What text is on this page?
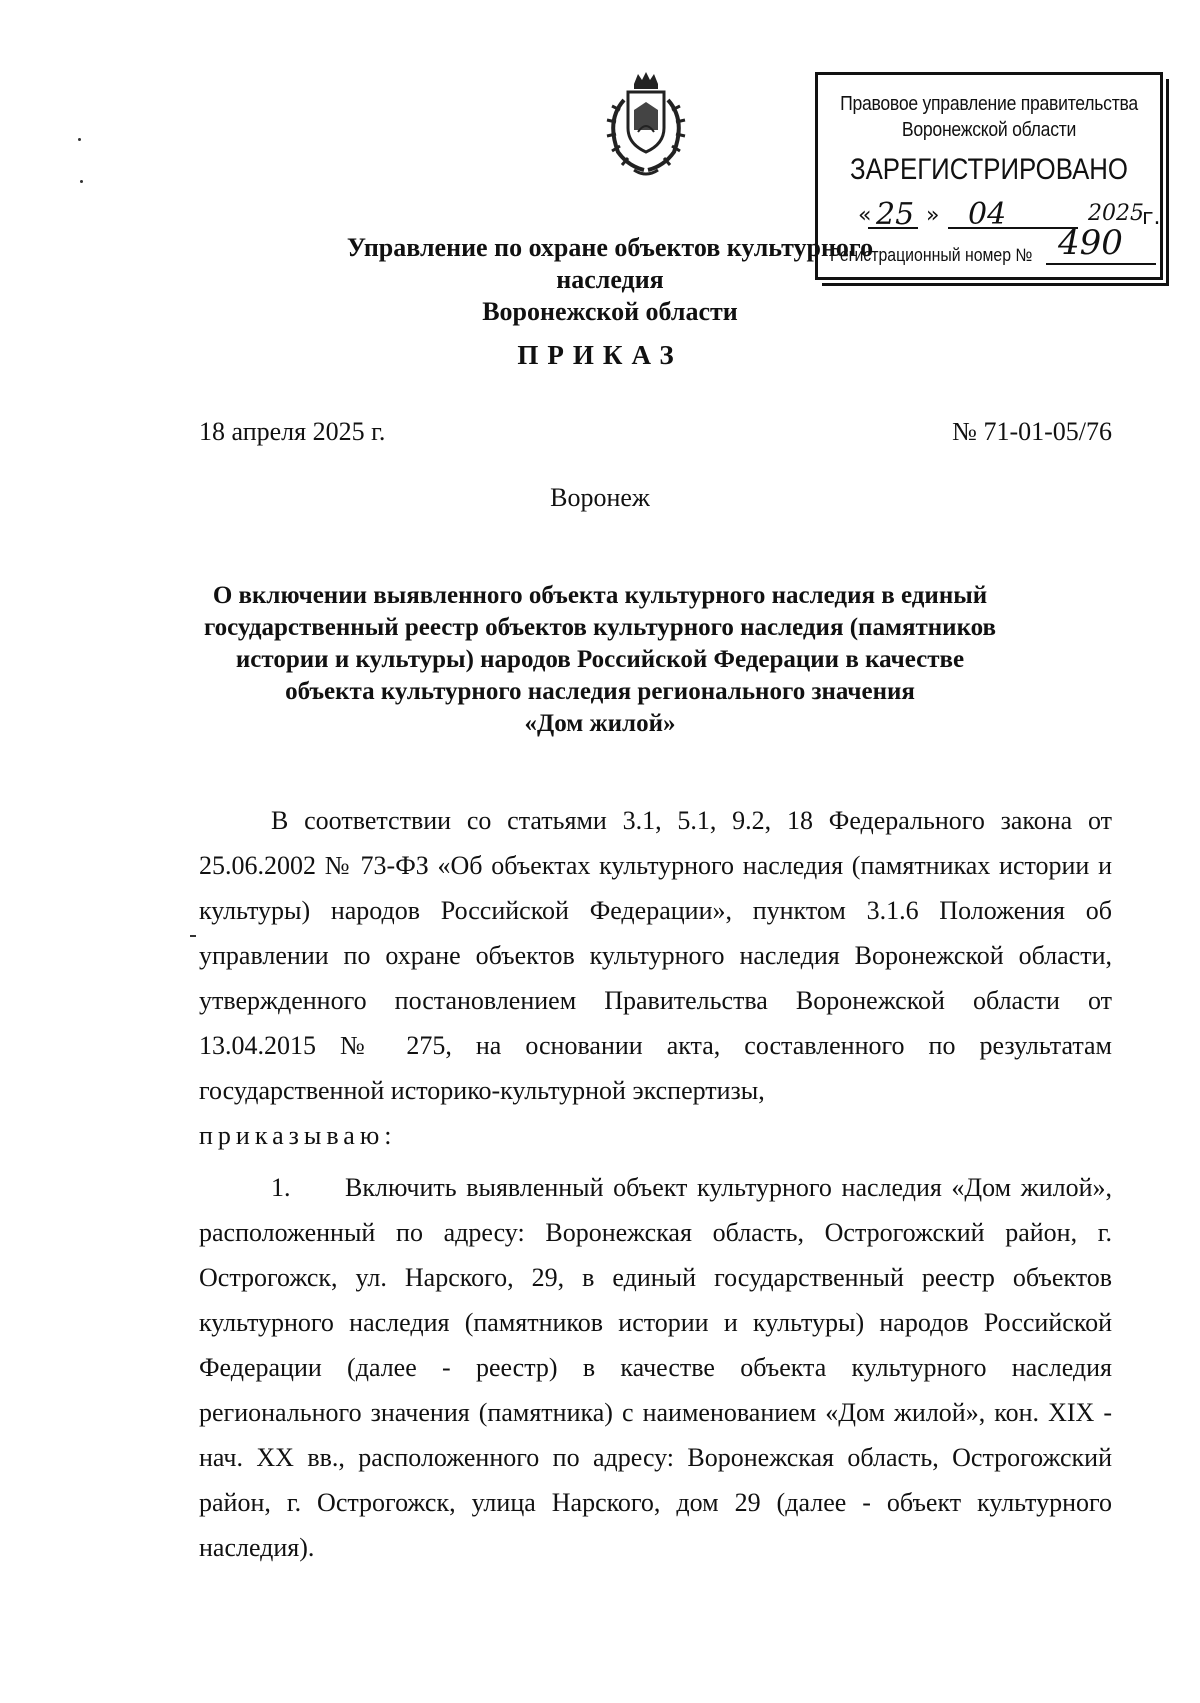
Правовое управление правительства Воронежской области
ЗАРЕГИСТРИРОВАНО
« 25 » 04	2025
г.
Регистрационный номер № 490
Управление по охране объектов культурного наследия
Воронежской области
ПРИКАЗ
18 апреля 2025 г.	№ 71-01-05/76
Воронеж
О включении выявленного объекта культурного наследия в единый
государственный реестр объектов культурного наследия (памятников
истории и культуры) народов Российской Федерации в качестве
объекта культурного наследия регионального значения
«Дом жилой»
В соответствии со статьями 3.1, 5.1, 9.2, 18 Федерального закона от 25.06.2002 № 73-ФЗ «Об объектах культурного наследия (памятниках истории и культуры) народов Российской Федерации», пунктом 3.1.6 Положения об управлении по охране объектов культурного наследия Воронежской области, утвержденного постановлением Правительства Воронежской области от 13.04.2015 № 275, на основании акта, составленного по результатам государственной историко-культурной экспертизы,
приказываю:
1. Включить выявленный объект культурного наследия «Дом жилой», расположенный по адресу: Воронежская область, Острогожский район, г. Острогожск, ул. Нарского, 29, в единый государственный реестр объектов культурного наследия (памятников истории и культуры) народов Российской Федерации (далее - реестр) в качестве объекта культурного наследия регионального значения (памятника) с наименованием «Дом жилой», кон. XIX - нач. XX вв., расположенного по адресу: Воронежская область, Острогожский район, г. Острогожск, улица Нарского, дом 29 (далее - объект культурного наследия).
